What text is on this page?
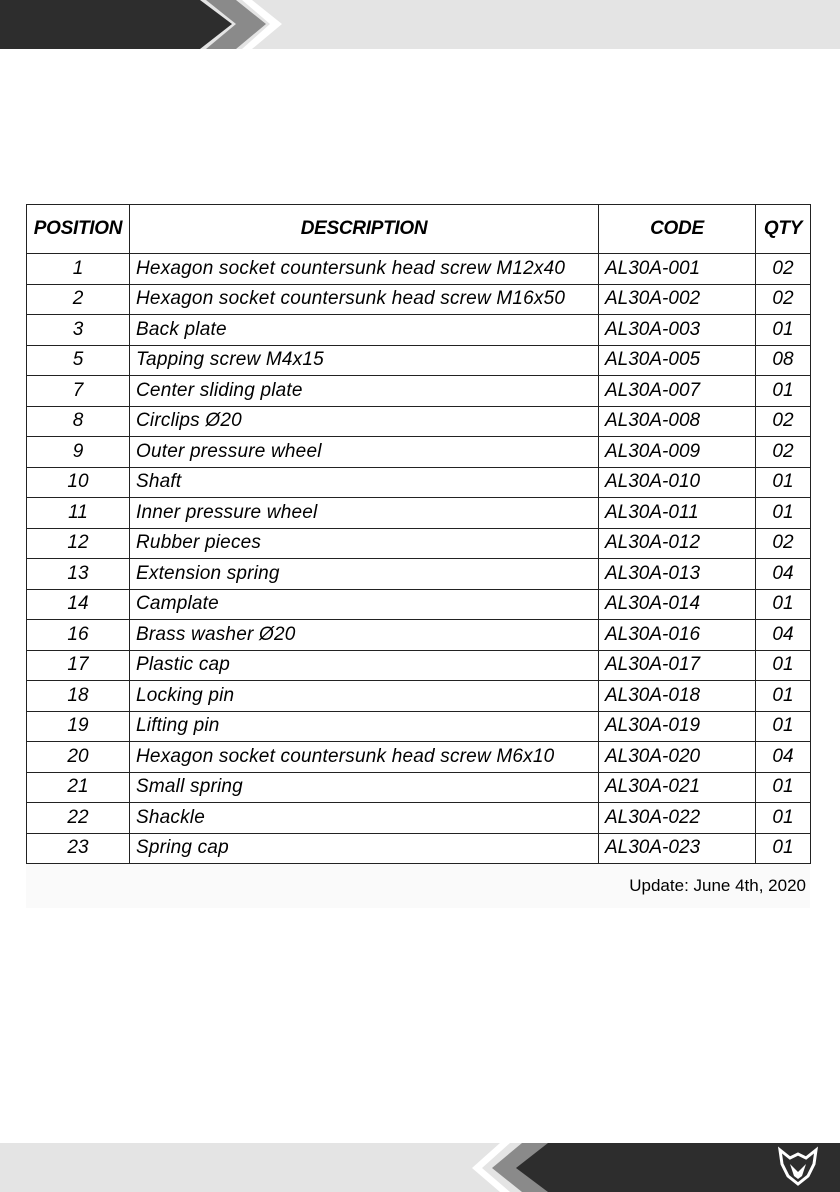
POSITION	DESCRIPTION	CODE	QTY
1	Hexagon socket countersunk head screw M12x40	AL30A-001	02
2	Hexagon socket countersunk head screw M16x50	AL30A-002	02
3	Back plate	AL30A-003	01
5	Tapping screw M4x15	AL30A-005	08
7	Center sliding plate	AL30A-007	01
8	Circlips Ø20	AL30A-008	02
9	Outer pressure wheel	AL30A-009	02
10	Shaft	AL30A-010	01
11	Inner pressure wheel	AL30A-011	01
12	Rubber pieces	AL30A-012	02
13	Extension spring	AL30A-013	04
14	Camplate	AL30A-014	01
16	Brass washer Ø20	AL30A-016	04
17	Plastic cap	AL30A-017	01
18	Locking pin	AL30A-018	01
19	Lifting pin	AL30A-019	01
20	Hexagon socket countersunk head screw M6x10	AL30A-020	04
21	Small spring	AL30A-021	01
22	Shackle	AL30A-022	01
23	Spring cap	AL30A-023	01
Update: June 4th, 2020
